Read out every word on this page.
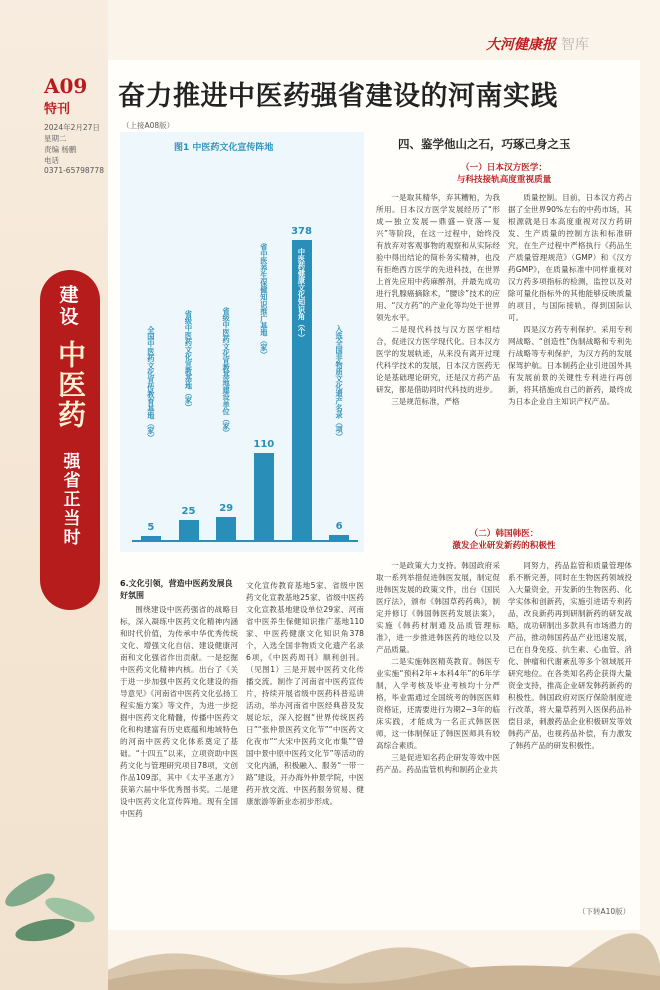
A09
特刊
2024年2月27日
星期二
责编 杨鹏
电话
0371-65798778
建设
中医药
强省正当时
大河健康报 智库
奋力推进中医药强省建设的河南实践
（上接A08版）
图1 中医药文化宣传阵地
5
全国中医药文化宣传教育基地（家）
25
省级中医药文化宣教基地（家）
29
省级中医药文化宣教基地建设单位（家）
110
省中医养生保健知识推广基地（家）
378
中医药健康文化知识角（个）
6
入选全国非物质文化遗产名录（项）
四、鉴学他山之石，巧琢己身之玉
（一）日本汉方医学：
与科技接轨高度重视质量

一是取其精华，弃其糟粕，为我所用。日本汉方医学发展经历了“形成—独立发展—鼎盛—衰落—复兴”等阶段，在这一过程中，始终没有放弃对客观事物的观察和从实际经验中得出结论的简朴务实精神，也没有拒绝西方医学的先进科技，在世界上首先应用中药麻醉剂，并最先成功进行乳腺癌摘除术，“腰诊”技术的应用、“汉方药”的产业化等均处于世界领先水平。

二是现代科技与汉方医学相结合，促进汉方医学现代化。日本汉方医学的发展轨迹，从来没有离开过现代科学技术的发展，日本汉方医药无论是基础理论研究，还是汉方药产品研发，都是借助同时代科技的进步。

三是规范标准，严格

质量控制。目前，日本汉方药占据了全世界90%左右的中药市场，其根源就是日本高度重视对汉方药研发、生产质量的控制方法和标准研究，在生产过程中严格执行《药品生产质量管理规范》（GMP）和《汉方药GMP》，在质量标准中同样重视对汉方药多项指标的检测，监控以及对除可量化指标外的其他能够反映质量的项目，与国际接轨，得到国际认可。

四是汉方药专利保护。采用专利网战略、“创造性”伪制战略和专利先行战略等专利保护，为汉方药的发展保驾护航。日本制药企业引进国外具有发展前景的关键性专利进行再创新，将其措施成自己的新药，最终成为日本企业自主知识产权产品。

（二）韩国韩医：
激发企业研发新药的积极性

一是政策大力支持。韩国政府采取一系列举措促进韩医发展，制定促进韩医发展的政策文件，出台《国民医疗法》，颁布《韩国草药药典》，制定并修订《韩国韩医药发展法案》，实施《韩药材制通及品质管理标准》，进一步推进韩医药的地位以及产品质量。

二是实施韩医精英教育。韩医专业实施“预科2年+本科4年”的6年学制，入学考核及毕业考核均十分严格，毕业需通过全国统考的韩医医师资格证，还需要进行为期2~3年的临床实践，才能成为一名正式韩医医师，这一体制保证了韩医医师具有较高综合素质。

三是促进知名药企研发等效中医药产品。药品监管机构和制药企业共

同努力，药品监管和质量管理体系不断完善，同时在生物医药领域投入大量资金，开发新的生物医药、化学实体和创新药，实施引进诺专利药品，改良新药再到研制新药的研发战略，成功研制出多款具有市场潜力的产品，推动韩国药品产业迅速发展，已在自身免疫、抗生素、心血管、消化、肿瘤和代谢紊乱等多个领域展开研究地位。在各类知名药企获得大量资金支持，推高企业研发韩药新药的积极性。韩国政府对医疗保险制度进行改革，将大量草药列入医保药品补偿目录，刺激药品企业积极研发等效韩药产品，也视药品补偿，有力激发了韩药产品的研发积极性。

6.文化引领，营造中医药发展良好氛围

围绕建设中医药强省的战略目标，深入凝练中医药文化精神内涵和时代价值，为传承中华优秀传统文化、增强文化自信、建设健康河南和文化强省作出贡献。一是挖掘中医药文化精神内核。出台了《关于进一步加强中医药文化建设的指导意见》《河南省中医药文化弘扬工程实施方案》等文件，为进一步挖掘中医药文化精髓，传播中医药文化和构建富有历史底蕴和地域特色的河南中医药文化体系奠定了基础。“十四五”以来，立项资助中医药文化与管理研究项目78项，文创作品109部，其中《太平圣惠方》获第六届中华优秀图书奖。二是建设中医药文化宣传阵地。现有全国中医药

文化宣传教育基地5家、省级中医药文化宣教基地25家、省级中医药文化宣教基地建设单位29家、河南省中医养生保健知识推广基地110家、中医药健康文化知识角378个，入选全国非物质文化遗产名录6项，《中医药周刊》顺利创刊。（见图1）三是开展中医药文化传播交流。制作了河南省中医药宣传片，持续开展省级中医药科普巡讲活动，举办河南省中医经典普及发展论坛，深入挖掘“世界传统医药日”“张仲景医药文化节”“中医药文化夜市”“大宋中医药文化市集”“曾国中景中原中医药文化节”等活动的文化内涵，积极融入、服务“一带一路”建设，开办海外仲景学院，中医药开放交流、中医药服务贸易、健康旅游等新业态初步形成。

（下转A10版）
